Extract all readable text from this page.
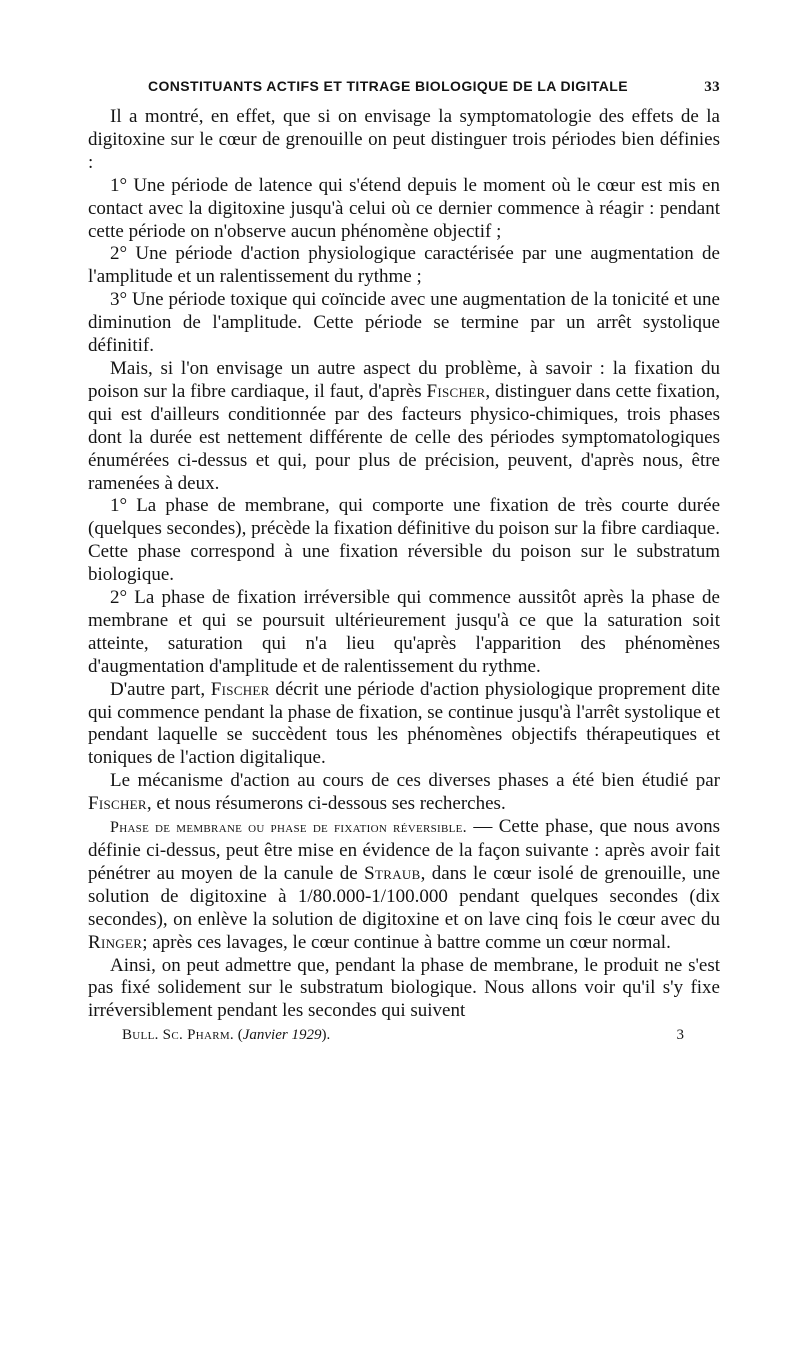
CONSTITUANTS ACTIFS ET TITRAGE BIOLOGIQUE DE LA DIGITALE	33

Il a montré, en effet, que si on envisage la symptomatologie des effets de la digitoxine sur le cœur de grenouille on peut distinguer trois périodes bien définies :

1° Une période de latence qui s'étend depuis le moment où le cœur est mis en contact avec la digitoxine jusqu'à celui où ce dernier commence à réagir : pendant cette période on n'observe aucun phénomène objectif ;

2° Une période d'action physiologique caractérisée par une augmentation de l'amplitude et un ralentissement du rythme ;

3° Une période toxique qui coïncide avec une augmentation de la tonicité et une diminution de l'amplitude. Cette période se termine par un arrêt systolique définitif.

Mais, si l'on envisage un autre aspect du problème, à savoir : la fixation du poison sur la fibre cardiaque, il faut, d'après Fischer, distinguer dans cette fixation, qui est d'ailleurs conditionnée par des facteurs physico-chimiques, trois phases dont la durée est nettement différente de celle des périodes symptomatologiques énumérées ci-dessus et qui, pour plus de précision, peuvent, d'après nous, être ramenées à deux.

1° La phase de membrane, qui comporte une fixation de très courte durée (quelques secondes), précède la fixation définitive du poison sur la fibre cardiaque. Cette phase correspond à une fixation réversible du poison sur le substratum biologique.

2° La phase de fixation irréversible qui commence aussitôt après la phase de membrane et qui se poursuit ultérieurement jusqu'à ce que la saturation soit atteinte, saturation qui n'a lieu qu'après l'apparition des phénomènes d'augmentation d'amplitude et de ralentissement du rythme.

D'autre part, Fischer décrit une période d'action physiologique proprement dite qui commence pendant la phase de fixation, se continue jusqu'à l'arrêt systolique et pendant laquelle se succèdent tous les phénomènes objectifs thérapeutiques et toniques de l'action digitalique.

Le mécanisme d'action au cours de ces diverses phases a été bien étudié par Fischer, et nous résumerons ci-dessous ses recherches.

Phase de membrane ou phase de fixation réversible. — Cette phase, que nous avons définie ci-dessus, peut être mise en évidence de la façon suivante : après avoir fait pénétrer au moyen de la canule de Straub, dans le cœur isolé de grenouille, une solution de digitoxine à 1/80.000-1/100.000 pendant quelques secondes (dix secondes), on enlève la solution de digitoxine et on lave cinq fois le cœur avec du Ringer; après ces lavages, le cœur continue à battre comme un cœur normal.

Ainsi, on peut admettre que, pendant la phase de membrane, le produit ne s'est pas fixé solidement sur le substratum biologique. Nous allons voir qu'il s'y fixe irréversiblement pendant les secondes qui suivent

Bull. Sc. Pharm. (Janvier 1929).	3
